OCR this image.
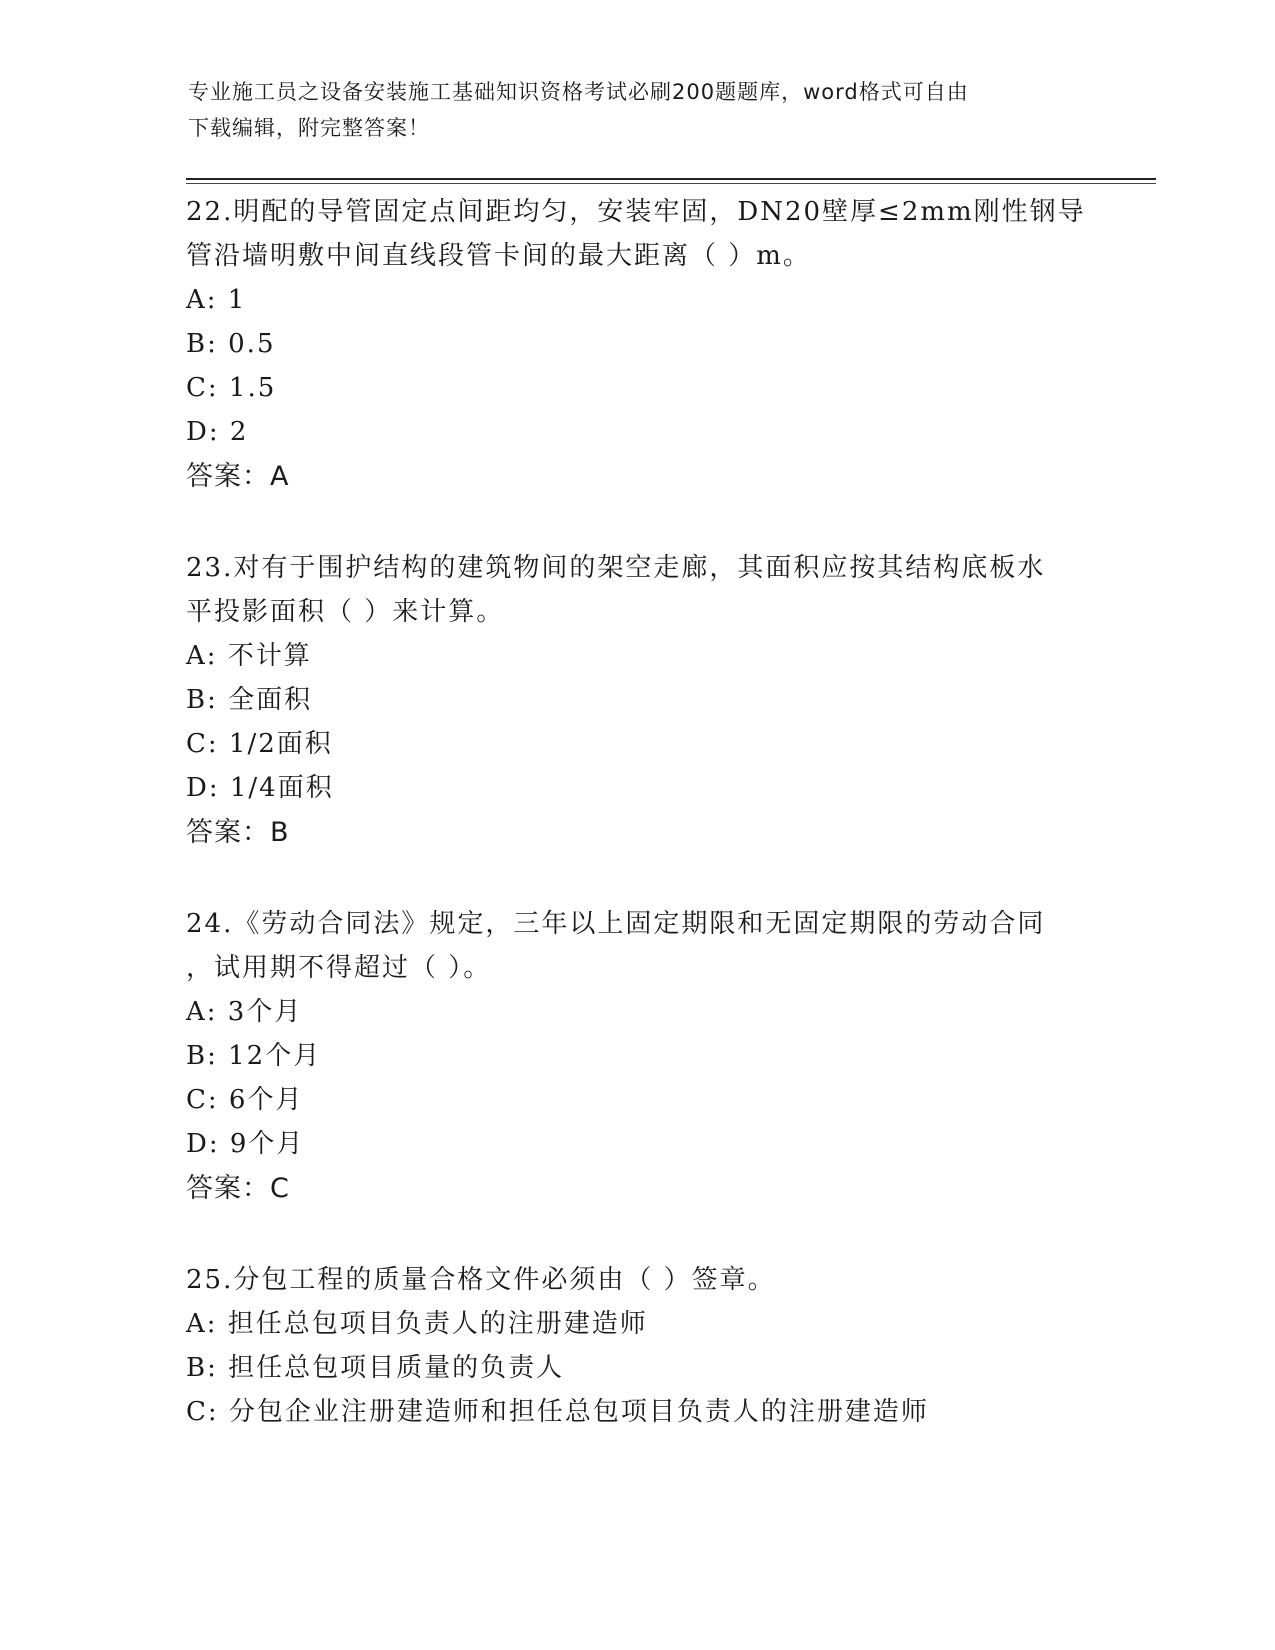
专业施工员之设备安装施工基础知识资格考试必刷200题题库，word格式可自由
下载编辑，附完整答案！

22.明配的导管固定点间距均匀，安装牢固，DN20壁厚≤2mm刚性钢导

管沿墙明敷中间直线段管卡间的最大距离（ ）m。

A: 1

B: 0.5

C: 1.5

D: 2

答案：A

23.对有于围护结构的建筑物间的架空走廊，其面积应按其结构底板水

平投影面积（ ）来计算。

A: 不计算

B: 全面积

C: 1/2面积

D: 1/4面积

答案：B

24.《劳动合同法》规定，三年以上固定期限和无固定期限的劳动合同

，试用期不得超过（ ）。

A: 3个月

B: 12个月

C: 6个月

D: 9个月

答案：C

25.分包工程的质量合格文件必须由（ ）签章。

A: 担任总包项目负责人的注册建造师

B: 担任总包项目质量的负责人

C: 分包企业注册建造师和担任总包项目负责人的注册建造师
